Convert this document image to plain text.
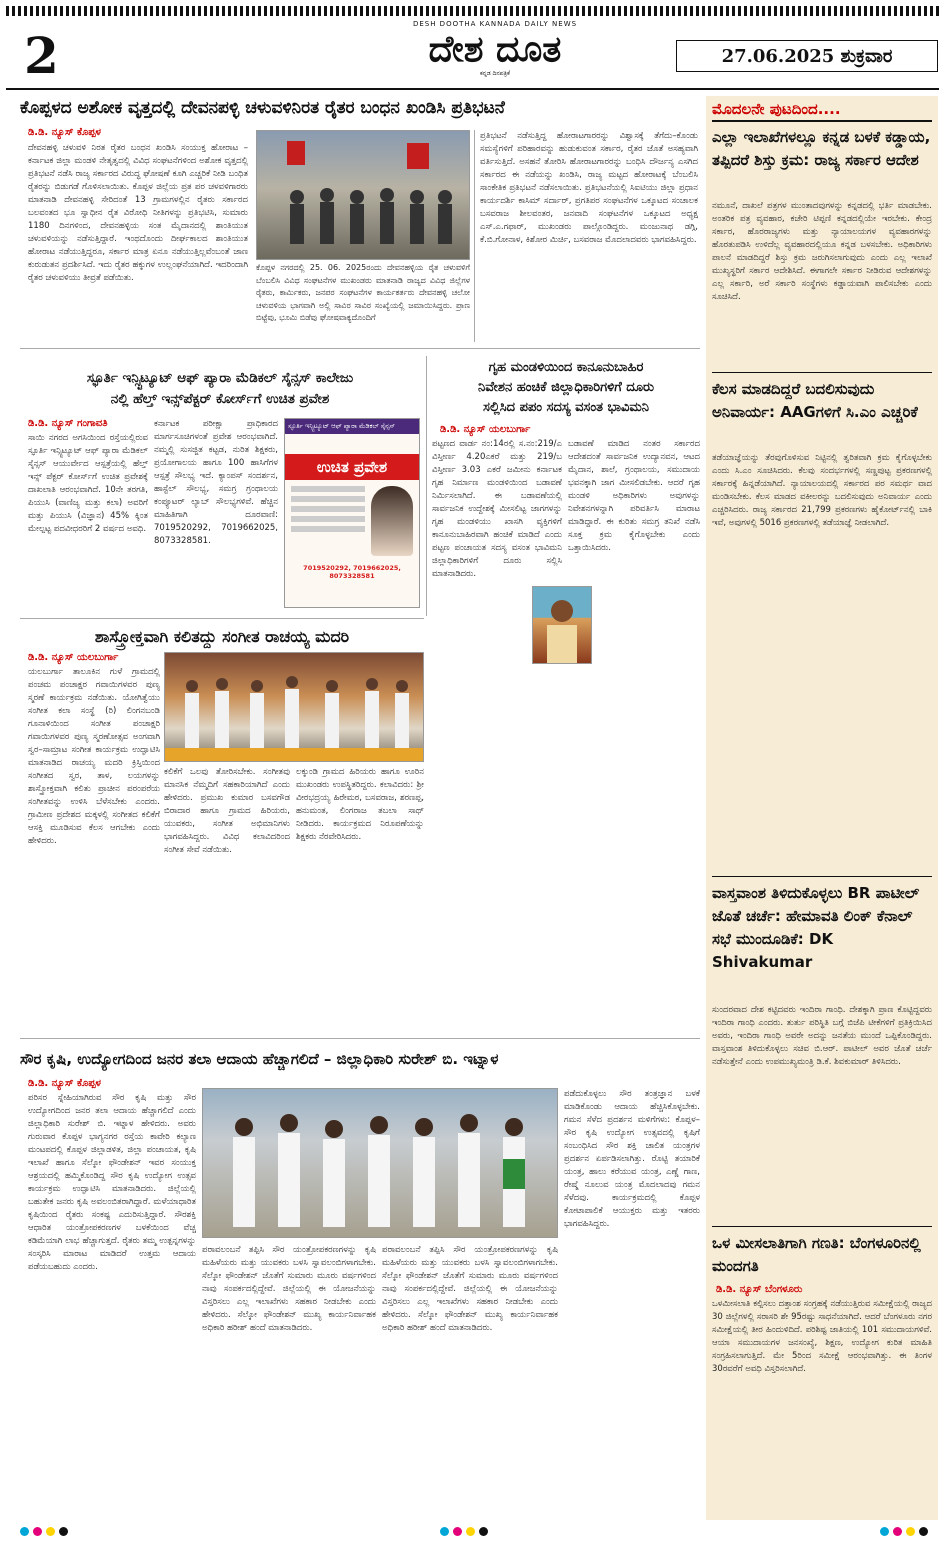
2
DESH DOOTHA KANNADA DAILY NEWS
ದೇಶ ದೂತ
ಕನ್ನಡ ದಿನಪತ್ರಿಕೆ
27.06.2025 ಶುಕ್ರವಾರ
ಕೊಪ್ಪಳದ ಅಶೋಕ ವೃತ್ತದಲ್ಲಿ ದೇವನಪಳ್ಳಿ ಚಳುವಳಿನಿರತ ರೈತರ ಬಂಧನ ಖಂಡಿಸಿ ಪ್ರತಿಭಟನೆ
ಡಿ.ಡಿ. ನ್ಯೂಸ್ ಕೊಪ್ಪಳ
ದೇವನಹಳ್ಳಿ ಚಳುವಳಿ ನಿರತ ರೈತರ ಬಂಧನ ಖಂಡಿಸಿ ಸಂಯುಕ್ತ ಹೋರಾಟ – ಕರ್ನಾಟಕ ಜಿಲ್ಲಾ ಮಂಡಳಿ ನೇತೃತ್ವದಲ್ಲಿ ವಿವಿಧ ಸಂಘಟನೆಗಳಿಂದ ಅಶೋಕ ವೃತ್ತದಲ್ಲಿ ಪ್ರತಿಭಟನೆ ನಡೆಸಿ ರಾಜ್ಯ ಸರ್ಕಾರದ ವಿರುದ್ಧ ಘೋಷಣೆ ಕೂಗಿ ಎಚ್ಚರಿಕೆ ನೀಡಿ ಬಂಧಿತ ರೈತರನ್ನು ಬಿಡುಗಡೆ ಗೊಳಿಸಲಾಯಿತು. ಕೊಪ್ಪಳ ಜಿಲ್ಲೆಯ ಪ್ರತ ಪರ ಚಳವಳಿಗಾರರು ಮಾತನಾಡಿ ದೇವನಹಳ್ಳಿ ಸೇರಿದಂತೆ 13 ಗ್ರಾಮಗಳಲ್ಲಿನ ರೈತರು ಸರ್ಕಾರದ ಬಲವಂತದ ಭೂ ಸ್ವಾಧೀನ ರೈತ ವಿರೋಧಿ ನೀತಿಗಳನ್ನು ಪ್ರತಿಭಟಿಸಿ, ಸುಮಾರು 1180 ದಿನಗಳಿಂದ, ದೇವನಹಳ್ಳಿಯ ಸಂತ ಮೈದಾನದಲ್ಲಿ ಶಾಂತಿಯುತ ಚಳುವಳಿಯನ್ನು ನಡೆಸುತ್ತಿದ್ದಾರೆ. ಇಂಥದೊಂದು ದೀರ್ಘಕಾಲದ ಶಾಂತಿಯುತ ಹೋರಾಟ ನಡೆಯುತ್ತಿದ್ದರೂ, ಸರ್ಕಾರ ಮಾತ್ರ ಏನೂ ನಡೆಯುತ್ತಿಲ್ಲವೆಂಬಂತೆ ಜಾಣ ಕುರುಡುತನ ಪ್ರದರ್ಶಿಸಿದೆ. ಇದು ರೈತರ ಹಕ್ಕುಗಳ ಉಲ್ಲಂಘನೆಯಾಗಿದೆ. ಇದರಿಂದಾಗಿ ರೈತರ ಚಳುವಳಿಯು ತೀವ್ರತೆ ಪಡೆಯಿತು.
ಕೊಪ್ಪಳ ನಗರದಲ್ಲಿ 25. 06. 2025ರಂದು ದೇವನಹಳ್ಳಿಯ ರೈತ ಚಳುವಳಿಗೆ ಬೆಂಬಲಿಸಿ ವಿವಿಧ ಸಂಘಟನೆಗಳ ಮುಖಂಡರು ಮಾತನಾಡಿ ರಾಜ್ಯದ ವಿವಿಧ ಜಿಲ್ಲೆಗಳ ರೈತರು, ಕಾರ್ಮಿಕರು, ಜನಪರ ಸಂಘಟನೆಗಳ ಕಾರ್ಯಕರ್ತರು ದೇವನಹಳ್ಳಿ ಚಲೋ ಚಳುವಳಿಯ ಭಾಗವಾಗಿ ಅಲ್ಲಿ ಸಾವಿರ ಸಾವಿರ ಸಂಖ್ಯೆಯಲ್ಲಿ ಜಮಾಯಿಸಿದ್ದರು. ಪ್ರಾಣ ಬಿಟ್ಟೆವು, ಭೂಮಿ ಬಿಡೆವು ಘೋಷವಾಕ್ಯದೊಂದಿಗೆ
ಪ್ರತಿಭಟನೆ ನಡೆಸುತ್ತಿದ್ದ ಹೋರಾಟಗಾರರನ್ನು ವಿಶ್ವಾಸಕ್ಕೆ ತೆಗೆದು–ಕೊಂಡು ಸಮಸ್ಯೆಗಳಿಗೆ ಪರಿಹಾರವನ್ನು ಹುಡುಕುವಂತ ಸರ್ಕಾರ, ರೈತರ ಜೊತೆ ಅಸಹ್ಯವಾಗಿ ವರ್ತಿಸುತ್ತಿದೆ. ಅಸಹನೆ ತೋರಿಸಿ ಹೋರಾಟಗಾರರನ್ನು ಬಂಧಿಸಿ ದೌರ್ಜನ್ಯ ಎಸಗಿದ ಸರ್ಕಾರದ ಈ ನಡೆಯನ್ನು ಖಂಡಿಸಿ, ರಾಜ್ಯ ಮಟ್ಟದ ಹೋರಾಟಕ್ಕೆ ಬೆಂಬಲಿಸಿ ಸಾಂಕೇತಿಕ ಪ್ರತಿಭಟನೆ ನಡೆಸಲಾಯಿತು. ಪ್ರತಿಭಟನೆಯಲ್ಲಿ ಸಿಐಟಿಯು ಜಿಲ್ಲಾ ಪ್ರಧಾನ ಕಾರ್ಯದರ್ಶಿ ಕಾಸಿಮ್ ಸರ್ದಾರ್, ಪ್ರಗತಿಪರ ಸಂಘಟನೆಗಳ ಒಕ್ಕೂಟದ ಸಂಚಾಲಕ ಬಸವರಾಜ ಶೀಲವಂತರ, ಜನವಾದಿ ಸಂಘಟನೆಗಳ ಒಕ್ಕೂಟದ ಅಧ್ಯಕ್ಷ ಎಸ್.ಎ.ಗಫಾರ್, ಮುಖಂಡರು ಪಾಲ್ಗೊಂಡಿದ್ದರು. ಮಂಜುನಾಥ ಡಗ್ಗಿ, ಕೆ.ಬಿ.ಗೋನಾಳ, ಕಿಶೋರ ಮಿರ್ಚಿ, ಬಸವರಾಜ ಮೊದಲಾದವರು ಭಾಗವಹಿಸಿದ್ದರು.
ಸ್ಫೂರ್ತಿ ಇನ್ಸ್ಟಿಟ್ಯೂಟ್ ಆಫ್ ಪ್ಯಾರಾ ಮೆಡಿಕಲ್ ಸೈನ್ಸಸ್ ಕಾಲೇಜು
ನಲ್ಲಿ ಹೆಲ್ತ್ ಇನ್ಸ್‌ಪೆಕ್ಟರ್ ಕೋರ್ಸ್‌ಗೆ ಉಚಿತ ಪ್ರವೇಶ
ಡಿ.ಡಿ. ನ್ಯೂಸ್ ಗಂಗಾವತಿ
ಸಾಯಿ ನಗರದ ಅಗಸಿಯಿಂದ ರಸ್ತೆಯಲ್ಲಿರುವ ಸ್ಫೂರ್ತಿ ಇನ್ಸ್ಟಿಟ್ಯೂಟ್ ಆಫ್ ಪ್ಯಾರಾ ಮೆಡಿಕಲ್ ಸೈನ್ಸಸ್ ಆಯುರ್ವೇದ ಆಸ್ಪತ್ರೆಯಲ್ಲಿ ಹೆಲ್ತ್ ಇನ್ಸ್ ಪೆಕ್ಟರ್ ಕೋರ್ಸ್‌ಗೆ ಉಚಿತ ಪ್ರವೇಶಕ್ಕೆ ದಾಖಲಾತಿ ಆರಂಭವಾಗಿದೆ. 10ನೇ ತರಗತಿ, ಪಿಯುಸಿ (ವಾಣಿಜ್ಯ ಮತ್ತು ಕಲಾ) ಅವರಿಗೆ ಮತ್ತು ಪಿಯುಸಿ (ವಿಜ್ಞಾನ) 45% ಕ್ಕಿಂತ ಮೇಲ್ಪಟ್ಟ ಪದವೀಧರರಿಗೆ 2 ವರ್ಷದ ಅವಧಿ.
ಕರ್ನಾಟಕ ಪರೀಕ್ಷಾ ಪ್ರಾಧಿಕಾರದ ಮಾರ್ಗಸೂಚಿಗಳಂತೆ ಪ್ರವೇಶ ಆರಂಭವಾಗಿದೆ. ನಮ್ಮಲ್ಲಿ ಸುಸಜ್ಜಿತ ಕಟ್ಟಡ, ನುರಿತ ಶಿಕ್ಷಕರು, ಪ್ರಯೋಗಾಲಯ ಹಾಗೂ 100 ಹಾಸಿಗೆಗಳ ಆಸ್ಪತ್ರೆ ಸೌಲಭ್ಯ ಇದೆ. ಕ್ಯಾಂಪಸ್ ಸಂದರ್ಶನ, ಹಾಸ್ಟೆಲ್ ಸೌಲಭ್ಯ, ಸಮಗ್ರ ಗ್ರಂಥಾಲಯ ಕಂಪ್ಯೂಟರ್ ಲ್ಯಾಬ್ ಸೌಲಭ್ಯಗಳಿವೆ. ಹೆಚ್ಚಿನ ಮಾಹಿತಿಗಾಗಿ ದೂರವಾಣಿ: 7019520292, 7019662025, 8073328581.
ಸ್ಫೂರ್ತಿ ಇನ್ಸ್ಟಿಟ್ಯೂಟ್ ಆಫ್ ಪ್ಯಾರಾ ಮೆಡಿಕಲ್ ಸೈನ್ಸಸ್
ಉಚಿತ ಪ್ರವೇಶ
7019520292, 7019662025, 8073328581
ಶಾಸ್ತ್ರೋಕ್ತವಾಗಿ ಕಲಿತದ್ದು ಸಂಗೀತ ರಾಚಯ್ಯ ಮದರಿ
ಡಿ.ಡಿ. ನ್ಯೂಸ್ ಯಲಬುರ್ಗಾ
ಯಲಬುರ್ಗಾ ತಾಲೂಕಿನ ಗುಳೆ ಗ್ರಾಮದಲ್ಲಿ ಪಂಚಮ ಪಂಚಾಕ್ಷರ ಗವಾಯಿಗಳವರ ಪುಣ್ಯ ಸ್ಮರಣೆ ಕಾರ್ಯಕ್ರಮ ನಡೆಯಿತು. ಯೋಗಿತ್ವೆಯು ಸಂಗೀತ ಕಲಾ ಸಂಸ್ಥೆ (ರಿ) ಲಿಂಗನಬಂಡಿ ಗೂನಾಳಿಯಿಂದ ಸಂಗೀತ ಪಂಚಾಕ್ಷರಿ ಗವಾಯಿಗಳವರ ಪುಣ್ಯ ಸ್ಮರಣೋತ್ಸವ ಅಂಗವಾಗಿ ಸ್ವರ–ಸಾಮ್ರಾಟ ಸಂಗೀತ ಕಾರ್ಯಕ್ರಮ ಉದ್ಘಾಟಿಸಿ ಮಾತನಾಡಿದ ರಾಚಯ್ಯ ಮದರಿ ಕ್ರಿಸ್ತಿಯಿಂದ ಸಂಗೀತದ ಸ್ವರ, ತಾಳ, ಲಯಗಳನ್ನು ಶಾಸ್ತ್ರೋಕ್ತವಾಗಿ ಕಲಿತು ಪ್ರಾಚೀನ ಪರಂಪರೆಯ ಸಂಗೀತವನ್ನು ಉಳಿಸಿ ಬೆಳೆಸಬೇಕು ಎಂದರು. ಗ್ರಾಮೀಣ ಪ್ರದೇಶದ ಮಕ್ಕಳಲ್ಲಿ ಸಂಗೀತದ ಕಲಿಕೆಗೆ ಆಸಕ್ತಿ ಮೂಡಿಸುವ ಕೆಲಸ ಆಗಬೇಕು ಎಂದು ಹೇಳಿದರು.
ಕಲಿಕೆಗೆ ಒಲವು ತೋರಿಸಬೇಕು. ಸಂಗೀತವು ಮಾನಸಿಕ ನೆಮ್ಮದಿಗೆ ಸಹಕಾರಿಯಾಗಿದೆ ಎಂದು ಹೇಳಿದರು. ಪ್ರಮುಖ ಕುಮಾರ ಬಸವಗೌಡ ಬಿರಾದಾರ ಹಾಗೂ ಗ್ರಾಮದ ಹಿರಿಯರು, ಯುವಕರು, ಸಂಗೀತ ಅಭಿಮಾನಿಗಳು ಭಾಗವಹಿಸಿದ್ದರು. ವಿವಿಧ ಕಲಾವಿದರಿಂದ ಸಂಗೀತ ಸೇವೆ ನಡೆಯಿತು.
ಲಕ್ಕುಂಡಿ ಗ್ರಾಮದ ಹಿರಿಯರು ಹಾಗೂ ಊರಿನ ಮುಖಂಡರು ಉಪಸ್ಥಿತರಿದ್ದರು. ಕಲಾವಿದರು: ಶ್ರೀ ವೀರಭದ್ರಯ್ಯ ಹಿರೇಮಠ, ಬಸವರಾಜ, ಶರಣಪ್ಪ, ಹನುಮಂತ, ಲಿಂಗರಾಜ ತಬಲಾ ಸಾಥ್ ನೀಡಿದರು. ಕಾರ್ಯಕ್ರಮದ ನಿರೂಪಣೆಯನ್ನು ಶಿಕ್ಷಕರು ನೆರವೇರಿಸಿದರು.
ಗೃಹ ಮಂಡಳಿಯಿಂದ ಕಾನೂನುಬಾಹಿರ
ನಿವೇಶನ ಹಂಚಿಕೆ ಜಿಲ್ಲಾಧಿಕಾರಿಗಳಿಗೆ ದೂರು
ಸಲ್ಲಿಸಿದ ಪಪಂ ಸದಸ್ಯ ವಸಂತ ಭಾವಿಮನಿ
ಡಿ.ಡಿ. ನ್ಯೂಸ್ ಯಲಬುರ್ಗಾ
ಪಟ್ಟಣದ ವಾರ್ಡ ನಂ:14ರಲ್ಲಿ ಸ.ನಂ:219/ಎ ವಿಸ್ತೀರ್ಣ 4.20ಎಕರೆ ಮತ್ತು 219/ಬ ವಿಸ್ತೀರ್ಣ 3.03 ಎಕರೆ ಜಮೀನು ಕರ್ನಾಟಕ ಗೃಹ ನಿರ್ಮಾಣ ಮಂಡಳಿಯಿಂದ ಬಡಾವಣೆ ನಿರ್ಮಿಸಲಾಗಿದೆ. ಈ ಬಡಾವಣೆಯಲ್ಲಿ ಸಾರ್ವಜನಿಕ ಉದ್ದೇಶಕ್ಕೆ ಮೀಸಲಿಟ್ಟ ಜಾಗಗಳನ್ನು ಗೃಹ ಮಂಡಳಿಯು ಖಾಸಗಿ ವ್ಯಕ್ತಿಗಳಿಗೆ ಕಾನೂನುಬಾಹಿರವಾಗಿ ಹಂಚಿಕೆ ಮಾಡಿದೆ ಎಂದು ಪಟ್ಟಣ ಪಂಚಾಯತ ಸದಸ್ಯ ವಸಂತ ಭಾವಿಮನಿ ಜಿಲ್ಲಾಧಿಕಾರಿಗಳಿಗೆ ದೂರು ಸಲ್ಲಿಸಿ ಮಾತನಾಡಿದರು.
ಬಡಾವಣೆ ಮಾಡಿದ ನಂತರ ಸರ್ಕಾರದ ಆದೇಶದಂತೆ ಸಾರ್ವಜನಿಕ ಉದ್ಯಾನವನ, ಆಟದ ಮೈದಾನ, ಶಾಲೆ, ಗ್ರಂಥಾಲಯ, ಸಮುದಾಯ ಭವನಕ್ಕಾಗಿ ಜಾಗ ಮೀಸಲಿಡಬೇಕು. ಆದರೆ ಗೃಹ ಮಂಡಳಿ ಅಧಿಕಾರಿಗಳು ಅವುಗಳನ್ನು ನಿವೇಶನಗಳನ್ನಾಗಿ ಪರಿವರ್ತಿಸಿ ಮಾರಾಟ ಮಾಡಿದ್ದಾರೆ. ಈ ಕುರಿತು ಸಮಗ್ರ ತನಿಖೆ ನಡೆಸಿ ಸೂಕ್ತ ಕ್ರಮ ಕೈಗೊಳ್ಳಬೇಕು ಎಂದು ಒತ್ತಾಯಿಸಿದರು.
ಸೌರ ಕೃಷಿ, ಉದ್ಯೋಗದಿಂದ ಜನರ ತಲಾ ಆದಾಯ ಹೆಚ್ಚಾಗಲಿದೆ – ಜಿಲ್ಲಾಧಿಕಾರಿ ಸುರೇಶ್ ಬಿ. ಇಟ್ನಾಳ
ಡಿ.ಡಿ. ನ್ಯೂಸ್ ಕೊಪ್ಪಳ
ಪರಿಸರ ಸ್ನೇಹಿಯಾಗಿರುವ ಸೌರ ಕೃಷಿ ಮತ್ತು ಸೌರ ಉದ್ಯೋಗದಿಂದ ಜನರ ತಲಾ ಆದಾಯ ಹೆಚ್ಚಾಗಲಿದೆ ಎಂದು ಜಿಲ್ಲಾಧಿಕಾರಿ ಸುರೇಶ್ ಬಿ. ಇಟ್ನಾಳ ಹೇಳಿದರು. ಅವರು ಗುರುವಾರ ಕೊಪ್ಪಳ ಭಾಗ್ಯನಗರ ರಸ್ತೆಯ ಕಾವೇರಿ ಕಲ್ಯಾಣ ಮಂಟಪದಲ್ಲಿ ಕೊಪ್ಪಳ ಜಿಲ್ಲಾಡಳಿತ, ಜಿಲ್ಲಾ ಪಂಚಾಯತ, ಕೃಷಿ ಇಲಾಖೆ ಹಾಗೂ ಸೆಲ್ಕೋ ಫೌಂಡೇಶನ್ ಇವರ ಸಂಯುಕ್ತ ಆಶ್ರಯದಲ್ಲಿ ಹಮ್ಮಿಕೊಂಡಿದ್ದ ಸೌರ ಕೃಷಿ ಉದ್ಯೋಗ ಉತ್ಸವ ಕಾರ್ಯಕ್ರಮ ಉದ್ಘಾಟಿಸಿ ಮಾತನಾಡಿದರು. ಜಿಲ್ಲೆಯಲ್ಲಿ ಬಹುತೇಕ ಜನರು ಕೃಷಿ ಅವಲಂಬಿತರಾಗಿದ್ದಾರೆ. ಮಳೆಯಾಧಾರಿತ ಕೃಷಿಯಿಂದ ರೈತರು ಸಂಕಷ್ಟ ಎದುರಿಸುತ್ತಿದ್ದಾರೆ. ಸೌರಶಕ್ತಿ ಆಧಾರಿತ ಯಂತ್ರೋಪಕರಣಗಳ ಬಳಕೆಯಿಂದ ವೆಚ್ಚ ಕಡಿಮೆಯಾಗಿ ಲಾಭ ಹೆಚ್ಚಾಗುತ್ತದೆ. ರೈತರು ತಮ್ಮ ಉತ್ಪನ್ನಗಳನ್ನು ಸಂಸ್ಕರಿಸಿ ಮಾರಾಟ ಮಾಡಿದರೆ ಉತ್ತಮ ಆದಾಯ ಪಡೆಯಬಹುದು ಎಂದರು.
ಪರಾವಲಂಬನೆ ತಪ್ಪಿಸಿ ಸೌರ ಯಂತ್ರೋಪಕರಣಗಳನ್ನು ಕೃಷಿ ಮಹಿಳೆಯರು ಮತ್ತು ಯುವಕರು ಬಳಸಿ ಸ್ವಾವಲಂಬಿಗಳಾಗಬೇಕು. ಸೆಲ್ಕೋ ಫೌಂಡೇಶನ್ ಜೊತೆಗೆ ಸುಮಾರು ಮೂರು ವರ್ಷಗಳಿಂದ ನಾವು ಸಂಪರ್ಕದಲ್ಲಿದ್ದೇವೆ. ಜಿಲ್ಲೆಯಲ್ಲಿ ಈ ಯೋಜನೆಯನ್ನು ವಿಸ್ತರಿಸಲು ಎಲ್ಲ ಇಲಾಖೆಗಳು ಸಹಕಾರ ನೀಡಬೇಕು ಎಂದು ಹೇಳಿದರು. ಸೆಲ್ಕೋ ಫೌಂಡೇಶನ್ ಮುಖ್ಯ ಕಾರ್ಯನಿರ್ವಾಹಕ ಅಧಿಕಾರಿ ಹರೀಶ್ ಹಂದೆ ಮಾತನಾಡಿದರು.
ಪರಾವಲಂಬನೆ ತಪ್ಪಿಸಿ ಸೌರ ಯಂತ್ರೋಪಕರಣಗಳನ್ನು ಕೃಷಿ ಮಹಿಳೆಯರು ಮತ್ತು ಯುವಕರು ಬಳಸಿ ಸ್ವಾವಲಂಬಿಗಳಾಗಬೇಕು. ಸೆಲ್ಕೋ ಫೌಂಡೇಶನ್ ಜೊತೆಗೆ ಸುಮಾರು ಮೂರು ವರ್ಷಗಳಿಂದ ನಾವು ಸಂಪರ್ಕದಲ್ಲಿದ್ದೇವೆ. ಜಿಲ್ಲೆಯಲ್ಲಿ ಈ ಯೋಜನೆಯನ್ನು ವಿಸ್ತರಿಸಲು ಎಲ್ಲ ಇಲಾಖೆಗಳು ಸಹಕಾರ ನೀಡಬೇಕು ಎಂದು ಹೇಳಿದರು. ಸೆಲ್ಕೋ ಫೌಂಡೇಶನ್ ಮುಖ್ಯ ಕಾರ್ಯನಿರ್ವಾಹಕ ಅಧಿಕಾರಿ ಹರೀಶ್ ಹಂದೆ ಮಾತನಾಡಿದರು.
ಪಡೆದುಕೊಳ್ಳಲು ಸೌರ ತಂತ್ರಜ್ಞಾನ ಬಳಕೆ ಮಾಡಿಕೊಂಡು ಆದಾಯ ಹೆಚ್ಚಿಸಿಕೊಳ್ಳಬೇಕು. ಗಮನ ಸೆಳೆದ ಪ್ರದರ್ಶನ ಮಳಿಗೆಗಳು: ಕೊಪ್ಪಳ–ಸೌರ ಕೃಷಿ ಉದ್ಯೋಗ ಉತ್ಸವದಲ್ಲಿ ಕೃಷಿಗೆ ಸಂಬಂಧಿಸಿದ ಸೌರ ಶಕ್ತಿ ಚಾಲಿತ ಯಂತ್ರಗಳ ಪ್ರದರ್ಶನ ಏರ್ಪಡಿಸಲಾಗಿತ್ತು. ರೊಟ್ಟಿ ತಯಾರಿಕೆ ಯಂತ್ರ, ಹಾಲು ಕರೆಯುವ ಯಂತ್ರ, ಎಣ್ಣೆ ಗಾಣ, ರೇಷ್ಮೆ ನೂಲುವ ಯಂತ್ರ ಮೊದಲಾದವು ಗಮನ ಸೆಳೆದವು. ಕಾರ್ಯಕ್ರಮದಲ್ಲಿ ಕೊಪ್ಪಳ ಕೋಟಾಪಾಲಿಕೆ ಆಯುಕ್ತರು ಮತ್ತು ಇತರರು ಭಾಗವಹಿಸಿದ್ದರು.
ಮೊದಲನೇ ಪುಟದಿಂದ....
ಎಲ್ಲಾ ಇಲಾಖೆಗಳಲ್ಲೂ ಕನ್ನಡ ಬಳಕೆ ಕಡ್ಡಾಯ, ತಪ್ಪಿದರೆ ಶಿಸ್ತು ಕ್ರಮ: ರಾಜ್ಯ ಸರ್ಕಾರ ಆದೇಶ
ನಮೂನೆ, ದಾಖಲೆ ಪತ್ರಗಳ ಮುಂತಾದವುಗಳನ್ನು ಕನ್ನಡದಲ್ಲಿ ಭರ್ತಿ ಮಾಡಬೇಕು. ಅಂತರಿಕ ಪತ್ರ ವ್ಯವಹಾರ, ಕಚೇರಿ ಟಿಪ್ಪಣಿ ಕನ್ನಡದಲ್ಲಿಯೇ ಇರಬೇಕು. ಕೇಂದ್ರ ಸರ್ಕಾರ, ಹೊರರಾಜ್ಯಗಳು ಮತ್ತು ನ್ಯಾಯಾಲಯಗಳ ವ್ಯವಹಾರಗಳನ್ನು ಹೊರತುಪಡಿಸಿ ಉಳಿದೆಲ್ಲ ವ್ಯವಹಾರದಲ್ಲಿಯೂ ಕನ್ನಡ ಬಳಸಬೇಕು. ಅಧಿಕಾರಿಗಳು ಪಾಲನೆ ಮಾಡದಿದ್ದರೆ ಶಿಸ್ತು ಕ್ರಮ ಜರುಗಿಸಲಾಗುವುದು ಎಂದು ಎಲ್ಲ ಇಲಾಖೆ ಮುಖ್ಯಸ್ಥರಿಗೆ ಸರ್ಕಾರ ಆದೇಶಿಸಿದೆ. ಈಗಾಗಲೇ ಸರ್ಕಾರ ನೀಡಿರುವ ಆದೇಶಗಳನ್ನು ಎಲ್ಲ ಸರ್ಕಾರಿ, ಅರೆ ಸರ್ಕಾರಿ ಸಂಸ್ಥೆಗಳು ಕಡ್ಡಾಯವಾಗಿ ಪಾಲಿಸಬೇಕು ಎಂದು ಸೂಚಿಸಿದೆ.
ಕೆಲಸ ಮಾಡದಿದ್ದರೆ ಬದಲಿಸುವುದು ಅನಿವಾರ್ಯ: AAGಗಳಿಗೆ ಸಿ.ಎಂ ಎಚ್ಚರಿಕೆ
ತಡೆಯಾಜ್ಞೆಯನ್ನು ತೆರವುಗೊಳಿಸುವ ನಿಟ್ಟಿನಲ್ಲಿ ತ್ವರಿತವಾಗಿ ಕ್ರಮ ಕೈಗೊಳ್ಳಬೇಕು ಎಂದು ಸಿ.ಎಂ ಸೂಚಿಸಿದರು. ಕೆಲವು ಸಂದರ್ಭಗಳಲ್ಲಿ ಸಣ್ಣಪುಟ್ಟ ಪ್ರಕರಣಗಳಲ್ಲಿ ಸರ್ಕಾರಕ್ಕೆ ಹಿನ್ನಡೆಯಾಗಿದೆ. ನ್ಯಾಯಾಲಯದಲ್ಲಿ ಸರ್ಕಾರದ ಪರ ಸಮರ್ಥ ವಾದ ಮಂಡಿಸಬೇಕು. ಕೆಲಸ ಮಾಡದ ವಕೀಲರನ್ನು ಬದಲಿಸುವುದು ಅನಿವಾರ್ಯ ಎಂದು ಎಚ್ಚರಿಸಿದರು. ರಾಜ್ಯ ಸರ್ಕಾರದ 21,799 ಪ್ರಕರಣಗಳು ಹೈಕೋರ್ಟ್‌ನಲ್ಲಿ ಬಾಕಿ ಇವೆ, ಅವುಗಳಲ್ಲಿ 5016 ಪ್ರಕರಣಗಳಲ್ಲಿ ತಡೆಯಾಜ್ಞೆ ನೀಡಲಾಗಿದೆ.
ವಾಸ್ತವಾಂಶ ತಿಳಿದುಕೊಳ್ಳಲು BR ಪಾಟೀಲ್ ಜೊತೆ ಚರ್ಚೆ: ಹೇಮಾವತಿ ಲಿಂಕ್ ಕೆನಾಲ್ ಸಭೆ ಮುಂದೂಡಿಕೆ: DK Shivakumar
ಸುಂದರವಾದ ದೇಶ ಕಟ್ಟಿದವರು ಇಂದಿರಾ ಗಾಂಧಿ. ದೇಶಕ್ಕಾಗಿ ಪ್ರಾಣ ಕೊಟ್ಟಿದ್ದವರು ಇಂದಿರಾ ಗಾಂಧಿ ಎಂದರು. ತುರ್ತು ಪರಿಸ್ಥಿತಿ ಬಗ್ಗೆ ಬಿಜೆಪಿ ಟೀಕೆಗಳಿಗೆ ಪ್ರತಿಕ್ರಿಯಿಸಿದ ಅವರು, ಇಂದಿರಾ ಗಾಂಧಿ ಅವರೇ ಅದನ್ನು ಜನತೆಯ ಮುಂದೆ ಒಪ್ಪಿಕೊಂಡಿದ್ದರು. ವಾಸ್ತವಾಂಶ ತಿಳಿದುಕೊಳ್ಳಲು ಸಚಿವ ಬಿ.ಆರ್. ಪಾಟೀಲ್ ಅವರ ಜೊತೆ ಚರ್ಚೆ ನಡೆಸುತ್ತೇನೆ ಎಂದು ಉಪಮುಖ್ಯಮಂತ್ರಿ ಡಿ.ಕೆ. ಶಿವಕುಮಾರ್ ತಿಳಿಸಿದರು.
ಒಳ ಮೀಸಲಾತಿಗಾಗಿ ಗಣತಿ: ಬೆಂಗಳೂರಿನಲ್ಲಿ ಮಂದಗತಿ
ಡಿ.ಡಿ. ನ್ಯೂಸ್ ಬೆಂಗಳೂರು
ಒಳಮೀಸಲಾತಿ ಕಲ್ಪಿಸಲು ದತ್ತಾಂಶ ಸಂಗ್ರಹಕ್ಕೆ ನಡೆಯುತ್ತಿರುವ ಸಮೀಕ್ಷೆಯಲ್ಲಿ ರಾಜ್ಯದ 30 ಜಿಲ್ಲೆಗಳಲ್ಲಿ ಸರಾಸರಿ ಶೇ 95ರಷ್ಟು ಸಾಧನೆಯಾಗಿದೆ. ಆದರೆ ಬೆಂಗಳೂರು ನಗರ ಸಮೀಕ್ಷೆಯಲ್ಲಿ ತೀರ ಹಿಂದುಳಿದಿದೆ. ಪರಿಶಿಷ್ಟ ಜಾತಿಯಲ್ಲಿ 101 ಸಮುದಾಯಗಳಿವೆ. ಆಯಾ ಸಮುದಾಯಗಳ ಜನಸಂಖ್ಯೆ, ಶಿಕ್ಷಣ, ಉದ್ಯೋಗ ಕುರಿತ ಮಾಹಿತಿ ಸಂಗ್ರಹಿಸಲಾಗುತ್ತಿದೆ. ಮೇ 5ರಿಂದ ಸಮೀಕ್ಷೆ ಆರಂಭವಾಗಿತ್ತು. ಈ ತಿಂಗಳ 30ರವರೆಗೆ ಅವಧಿ ವಿಸ್ತರಿಸಲಾಗಿದೆ.
